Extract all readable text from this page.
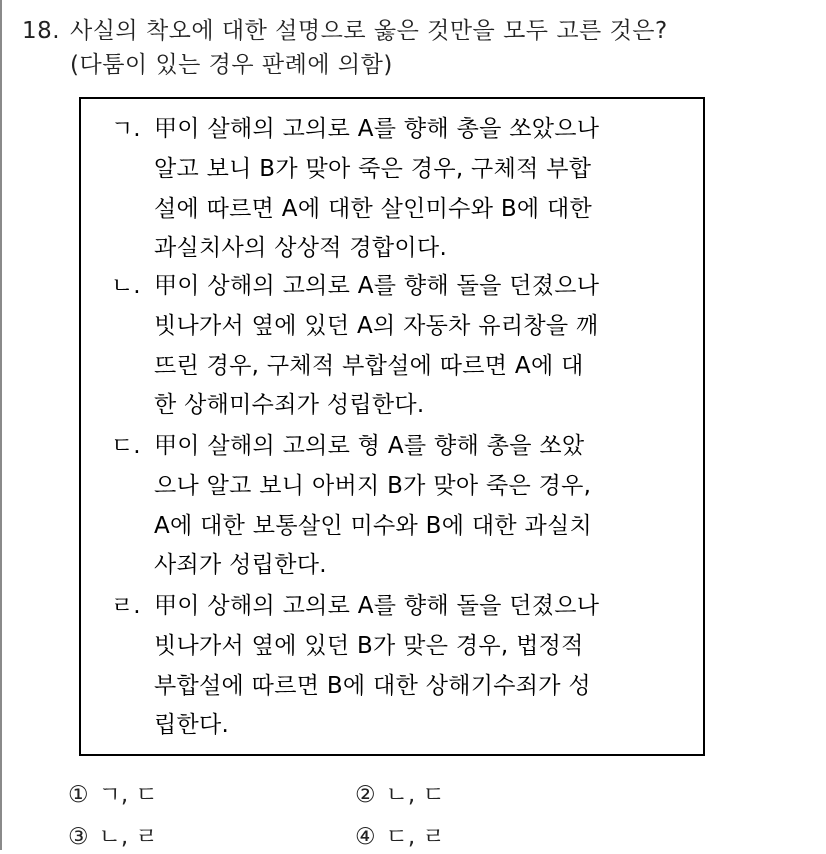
18. 사실의 착오에 대한 설명으로 옳은 것만을 모두 고른 것은?
(다툼이 있는 경우 판례에 의함)
ㄱ. 甲이 살해의 고의로 A를 향해 총을 쏘았으나
알고 보니 B가 맞아 죽은 경우, 구체적 부합
설에 따르면 A에 대한 살인미수와 B에 대한
과실치사의 상상적 경합이다.
ㄴ. 甲이 상해의 고의로 A를 향해 돌을 던졌으나
빗나가서 옆에 있던 A의 자동차 유리창을 깨
뜨린 경우, 구체적 부합설에 따르면 A에 대
한 상해미수죄가 성립한다.
ㄷ. 甲이 살해의 고의로 형 A를 향해 총을 쏘았
으나 알고 보니 아버지 B가 맞아 죽은 경우,
A에 대한 보통살인 미수와 B에 대한 과실치
사죄가 성립한다.
ㄹ. 甲이 상해의 고의로 A를 향해 돌을 던졌으나
빗나가서 옆에 있던 B가 맞은 경우, 법정적
부합설에 따르면 B에 대한 상해기수죄가 성
립한다.
① ㄱ, ㄷ	② ㄴ, ㄷ
③ ㄴ, ㄹ	④ ㄷ, ㄹ
